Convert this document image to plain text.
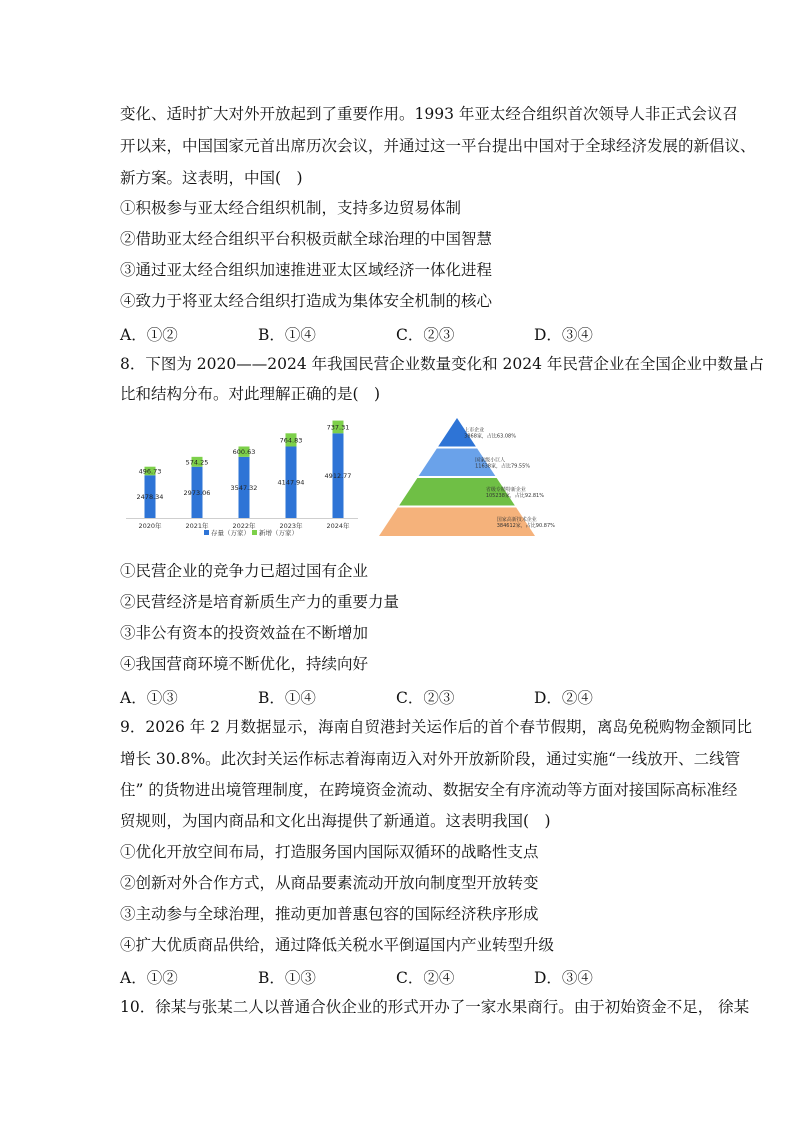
变化、适时扩大对外开放起到了重要作用。1993 年亚太经合组织首次领导人非正式会议召
开以来，中国国家元首出席历次会议，并通过这一平台提出中国对于全球经济发展的新倡议、
新方案。这表明，中国(　)
①积极参与亚太经合组织机制，支持多边贸易体制
②借助亚太经合组织平台积极贡献全球治理的中国智慧
③通过亚太经合组织加速推进亚太区域经济一体化进程
④致力于将亚太经合组织打造成为集体安全机制的核心
A．①②	B．①④	C．②③	D．③④
8．下图为 2020——2024 年我国民营企业数量变化和 2024 年民营企业在全国企业中数量占
比和结构分布。对此理解正确的是(　)
2478.34
496.73
2020年
2973.06
574.25
2021年
3547.32
600.63
2022年
4147.94
764.83
2023年
4912.77
737.31
2024年
存量（万家） 新增（万家）
上市企业
3868家，占比63.08%
国家级小巨人
11638家，占比79.55%
省级专精特新企业
105238家，占比92.81%
国家高新技术企业
384612家，占比90.87%
①民营企业的竞争力已超过国有企业
②民营经济是培育新质生产力的重要力量
③非公有资本的投资效益在不断增加
④我国营商环境不断优化，持续向好
A．①③	B．①④	C．②③	D．②④
9．2026 年 2 月数据显示，海南自贸港封关运作后的首个春节假期，离岛免税购物金额同比
增长 30.8%。此次封关运作标志着海南迈入对外开放新阶段，通过实施“一线放开、二线管
住” 的货物进出境管理制度，在跨境资金流动、数据安全有序流动等方面对接国际高标准经
贸规则，为国内商品和文化出海提供了新通道。这表明我国(　)
①优化开放空间布局，打造服务国内国际双循环的战略性支点
②创新对外合作方式，从商品要素流动开放向制度型开放转变
③主动参与全球治理，推动更加普惠包容的国际经济秩序形成
④扩大优质商品供给，通过降低关税水平倒逼国内产业转型升级
A．①②	B．①③	C．②④	D．③④
10．徐某与张某二人以普通合伙企业的形式开办了一家水果商行。由于初始资金不足， 徐某
